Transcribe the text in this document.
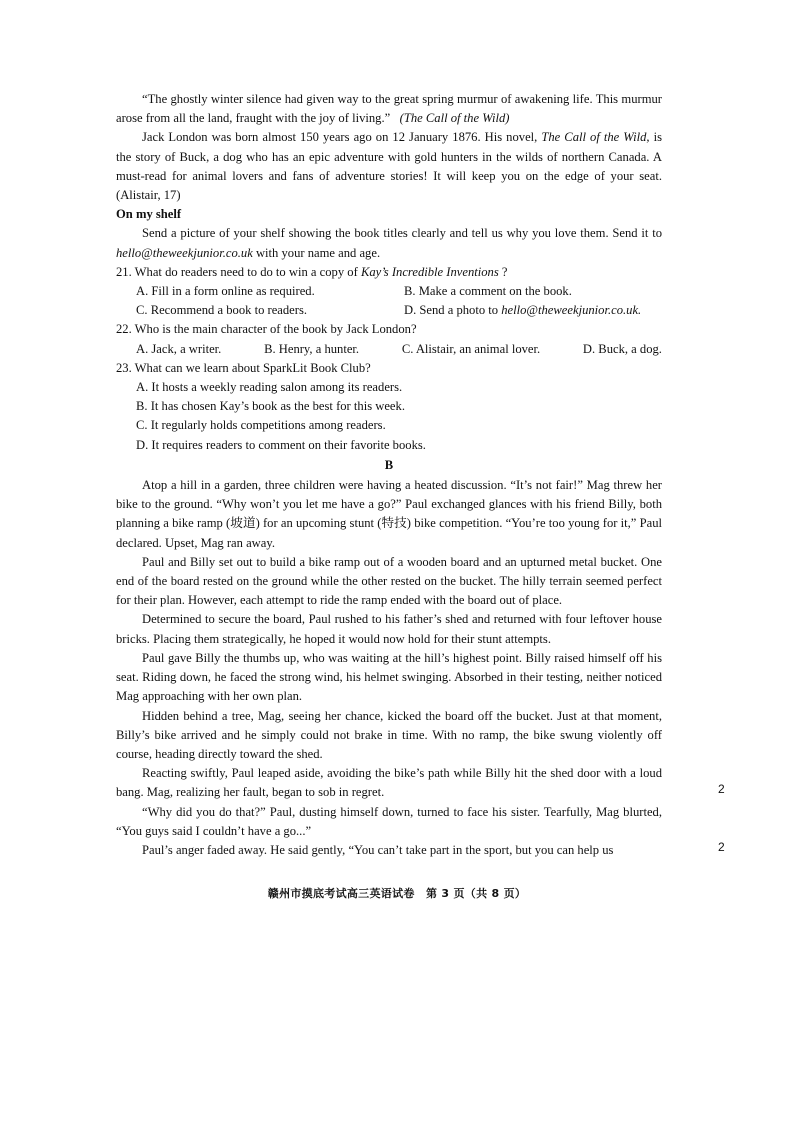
“The ghostly winter silence had given way to the great spring murmur of awakening life. This murmur arose from all the land, fraught with the joy of living.” (The Call of the Wild)

Jack London was born almost 150 years ago on 12 January 1876. His novel, The Call of the Wild, is the story of Buck, a dog who has an epic adventure with gold hunters in the wilds of northern Canada. A must-read for animal lovers and fans of adventure stories! It will keep you on the edge of your seat. (Alistair, 17)

On my shelf

Send a picture of your shelf showing the book titles clearly and tell us why you love them. Send it to hello@theweekjunior.co.uk with your name and age.

21. What do readers need to do to win a copy of Kay’s Incredible Inventions ?

A. Fill in a form online as required.	B. Make a comment on the book.
C. Recommend a book to readers.	D. Send a photo to hello@theweekjunior.co.uk.

22. Who is the main character of the book by Jack London?

A. Jack, a writer.	B. Henry, a hunter.	C. Alistair, an animal lover.	D. Buck, a dog.

23. What can we learn about SparkLit Book Club?

A. It hosts a weekly reading salon among its readers.

B. It has chosen Kay’s book as the best for this week.

C. It regularly holds competitions among readers.

D. It requires readers to comment on their favorite books.

B

Atop a hill in a garden, three children were having a heated discussion. “It’s not fair!” Mag threw her bike to the ground. “Why won’t you let me have a go?” Paul exchanged glances with his friend Billy, both planning a bike ramp (坡道) for an upcoming stunt (特技) bike competition. “You’re too young for it,” Paul declared. Upset, Mag ran away.

Paul and Billy set out to build a bike ramp out of a wooden board and an upturned metal bucket. One end of the board rested on the ground while the other rested on the bucket. The hilly terrain seemed perfect for their plan. However, each attempt to ride the ramp ended with the board out of place.

Determined to secure the board, Paul rushed to his father’s shed and returned with four leftover house bricks. Placing them strategically, he hoped it would now hold for their stunt attempts.

Paul gave Billy the thumbs up, who was waiting at the hill’s highest point. Billy raised himself off his seat. Riding down, he faced the strong wind, his helmet swinging. Absorbed in their testing, neither noticed Mag approaching with her own plan.

Hidden behind a tree, Mag, seeing her chance, kicked the board off the bucket. Just at that moment, Billy’s bike arrived and he simply could not brake in time. With no ramp, the bike swung violently off course, heading directly toward the shed.

Reacting swiftly, Paul leaped aside, avoiding the bike’s path while Billy hit the shed door with a loud bang. Mag, realizing her fault, began to sob in regret.

“Why did you do that?” Paul, dusting himself down, turned to face his sister. Tearfully, Mag blurted, “You guys said I couldn’t have a go...”

Paul’s anger faded away. He said gently, “You can’t take part in the sport, but you can help us

2
2
赣州市摸底考试高三英语试卷　第 3 页（共 8 页）
